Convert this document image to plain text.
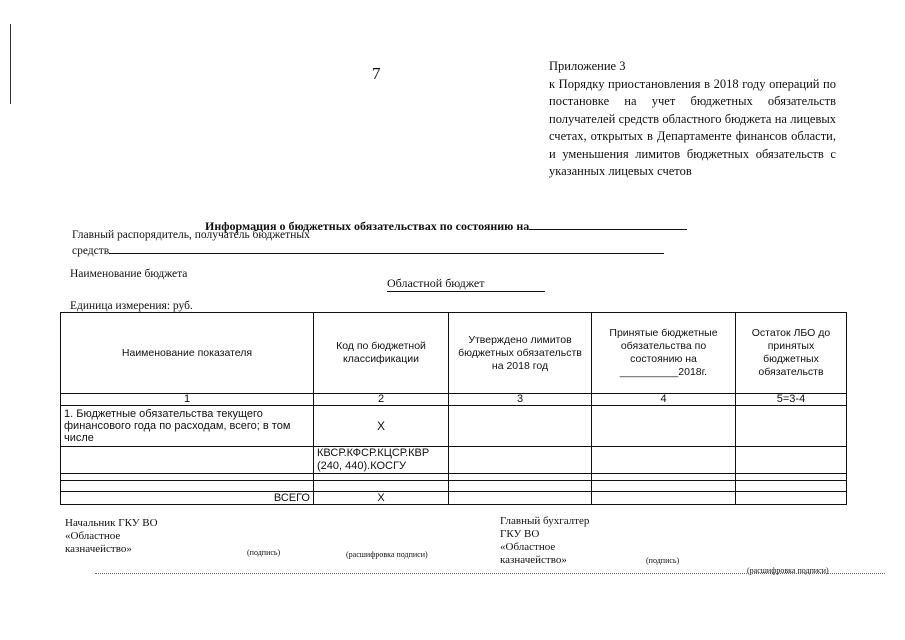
7	Приложение 3
к Порядку приостановления в 2018 году операций по постановке на учет бюджетных обязательств получателей средств областного бюджета на лицевых счетах, открытых в Департаменте финансов области, и уменьшения лимитов бюджетных обязательств с указанных лицевых счетов
Информация о бюджетных обязательствах по состоянию на
Главный распорядитель, получатель бюджетных
средств
Наименование бюджета
Областной бюджет
Единица измерения: руб.
Наименование показателя	Код по бюджетной классификации	Утверждено лимитов бюджетных обязательств на 2018 год	Принятые бюджетные обязательства по состоянию на __________2018г.	Остаток ЛБО до принятых бюджетных обязательств
1	2	3	4	5=3-4
1. Бюджетные обязательства текущего финансового года по расходам, всего; в том числе	Х			
	КВСР.КФСР.КЦСР.КВР (240, 440).КОСГУ			

ВСЕГО	Х			
Начальник ГКУ ВО «Областное казначейство»	(подпись)	(расшифровка подписи)
Главный бухгалтер ГКУ ВО «Областное казначейство»	(подпись)
(расшифровка подписи)
